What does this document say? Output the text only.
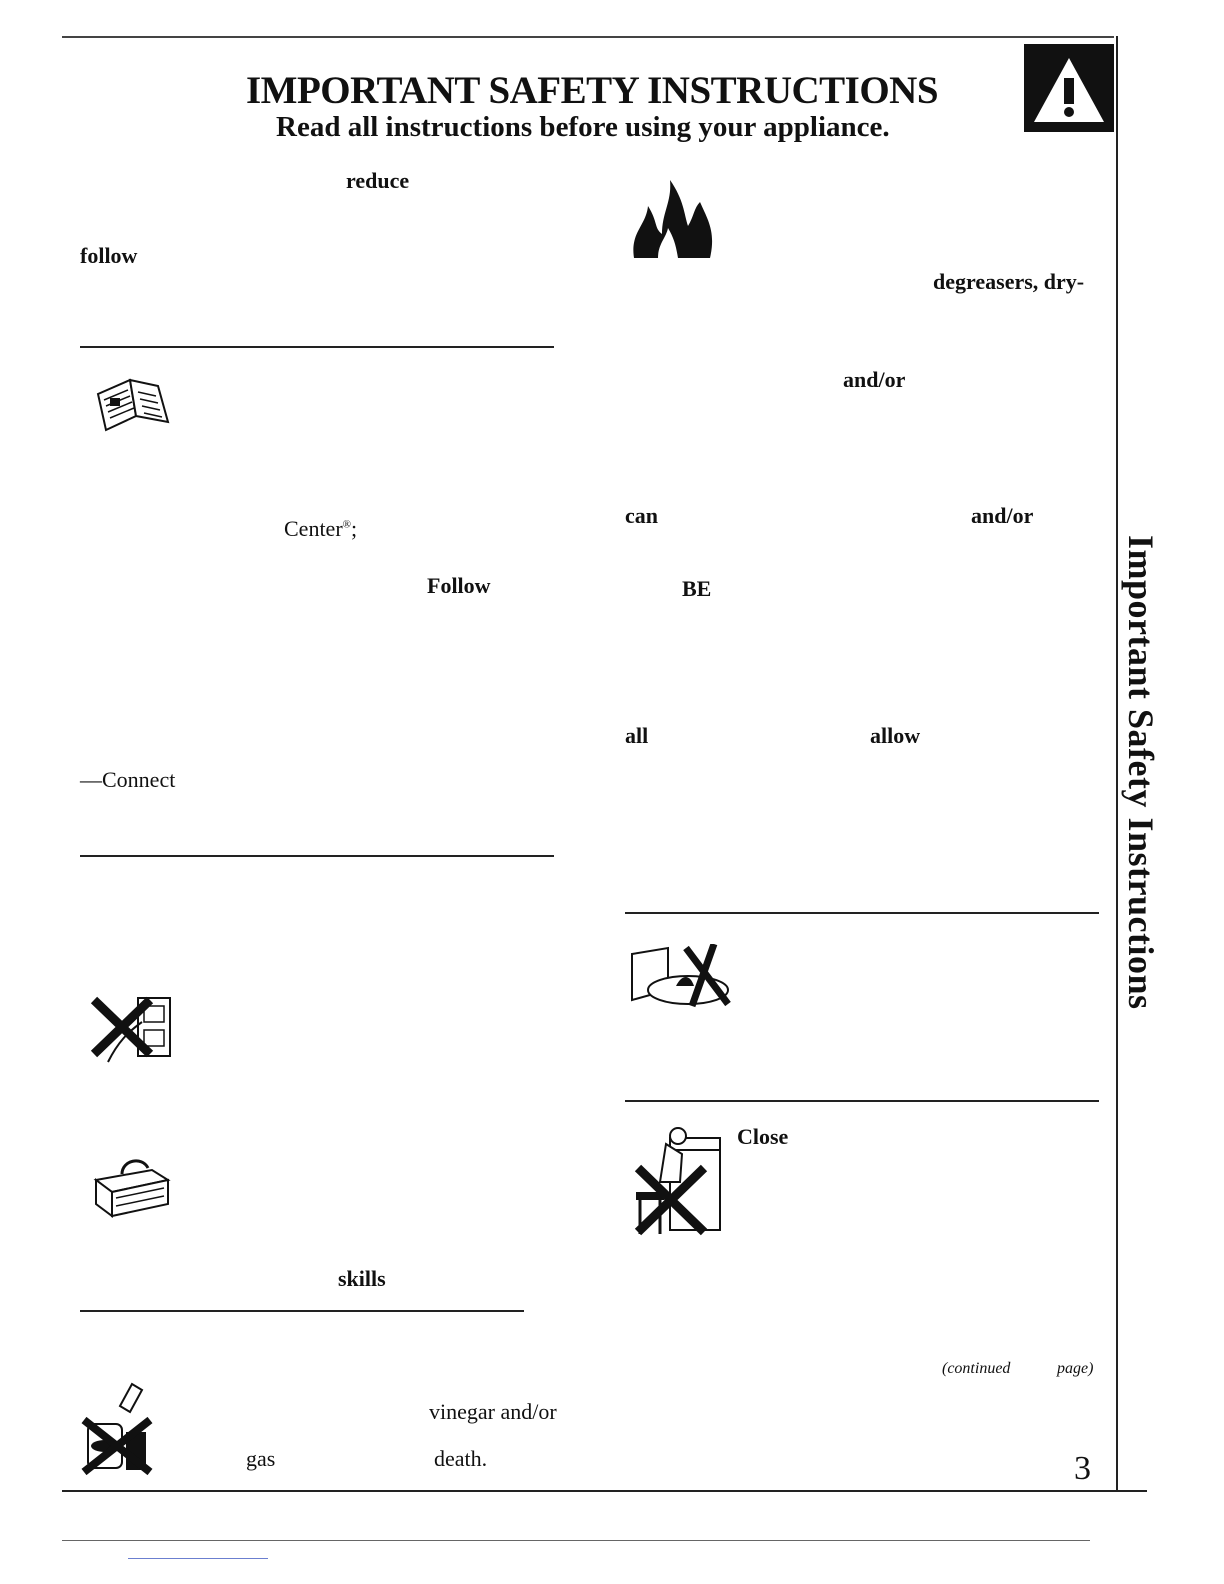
IMPORTANT SAFETY INSTRUCTIONS
Read all instructions before using your appliance.
Important Safety Instructions
reduce
follow
Center®;
Follow
—Connect
skills
vinegar and/or
gas	death.
degreasers, dry-
and/or
can	and/or
BE
all	allow
Close
(continued	page)
3
